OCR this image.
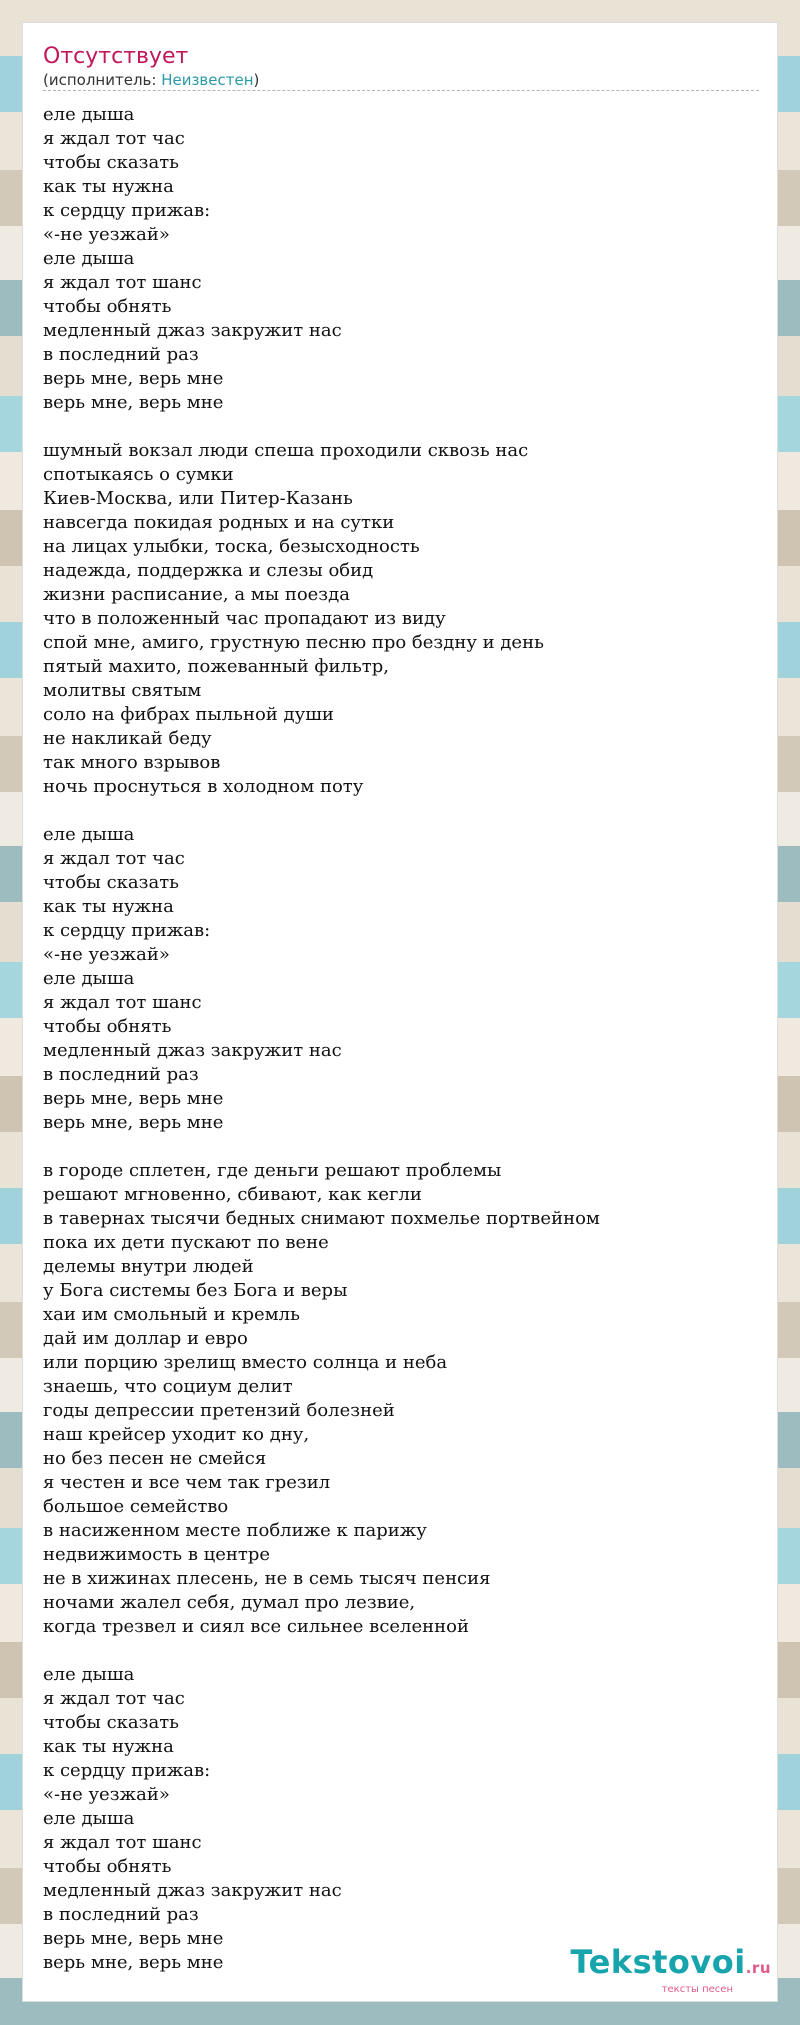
Отсутствует
(исполнитель: Неизвестен)
еле дыша
я ждал тот час
чтобы сказать
как ты нужна
к сердцу прижав:
«-не уезжай»
еле дыша
я ждал тот шанс
чтобы обнять
медленный джаз закружит нас
в последний раз
верь мне, верь мне
верь мне, верь мне

шумный вокзал люди спеша проходили сквозь нас
спотыкаясь о сумки
Киев-Москва, или Питер-Казань
навсегда покидая родных и на сутки
на лицах улыбки, тоска, безысходность
надежда, поддержка и слезы обид
жизни расписание, а мы поезда
что в положенный час пропадают из виду
спой мне, амиго, грустную песню про бездну и день
пятый махито, пожеванный фильтр,
молитвы святым
соло на фибрах пыльной души
не накликай беду
так много взрывов
ночь проснуться в холодном поту

еле дыша
я ждал тот час
чтобы сказать
как ты нужна
к сердцу прижав:
«-не уезжай»
еле дыша
я ждал тот шанс
чтобы обнять
медленный джаз закружит нас
в последний раз
верь мне, верь мне
верь мне, верь мне

в городе сплетен, где деньги решают проблемы
решают мгновенно, сбивают, как кегли
в тавернах тысячи бедных снимают похмелье портвейном
пока их дети пускают по вене
делемы внутри людей
у Бога системы без Бога и веры
хаи им смольный и кремль
дай им доллар и евро
или порцию зрелищ вместо солнца и неба
знаешь, что социум делит
годы депрессии претензий болезней
наш крейсер уходит ко дну,
но без песен не смейся
я честен и все чем так грезил
большое семейство
в насиженном месте поближе к парижу
недвижимость в центре
не в хижинах плесень, не в семь тысяч пенсия
ночами жалел себя, думал про лезвие,
когда трезвел и сиял все сильнее вселенной

еле дыша
я ждал тот час
чтобы сказать
как ты нужна
к сердцу прижав:
«-не уезжай»
еле дыша
я ждал тот шанс
чтобы обнять
медленный джаз закружит нас
в последний раз
верь мне, верь мне
верь мне, верь мне	Tekstovoi.ru
тексты песен
